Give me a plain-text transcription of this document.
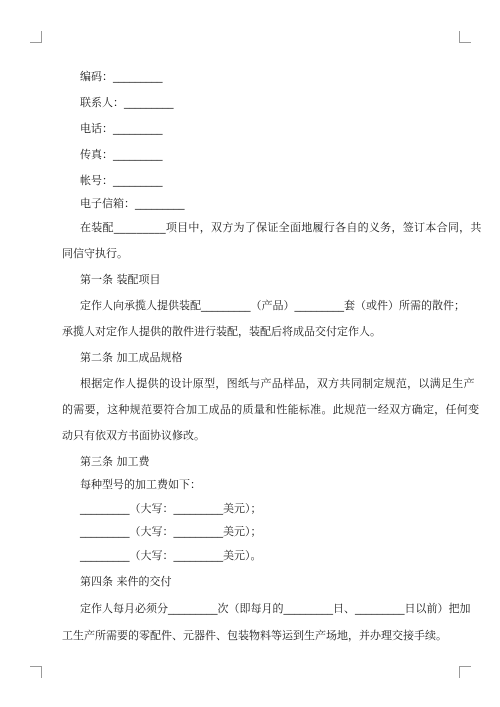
编码：_________
联系人：_________
电话：_________
传真：_________
帐号：_________
电子信箱：_________
在装配_________项目中，双方为了保证全面地履行各自的义务，签订本合同，共
同信守执行。
第一条 装配项目
定作人向承揽人提供装配_________（产品）_________套（或件）所需的散件；
承揽人对定作人提供的散件进行装配，装配后将成品交付定作人。
第二条 加工成品规格
根据定作人提供的设计原型，图纸与产品样品，双方共同制定规范，以满足生产
的需要，这种规范要符合加工成品的质量和性能标准。此规范一经双方确定，任何变
动只有依双方书面协议修改。
第三条 加工费
每种型号的加工费如下：
_________（大写：_________美元）；
_________（大写：_________美元）；
_________（大写：_________美元）。
第四条 来件的交付
定作人每月必须分_________次（即每月的_________日、_________日以前）把加
工生产所需要的零配件、元器件、包装物料等运到生产场地，并办理交接手续。
